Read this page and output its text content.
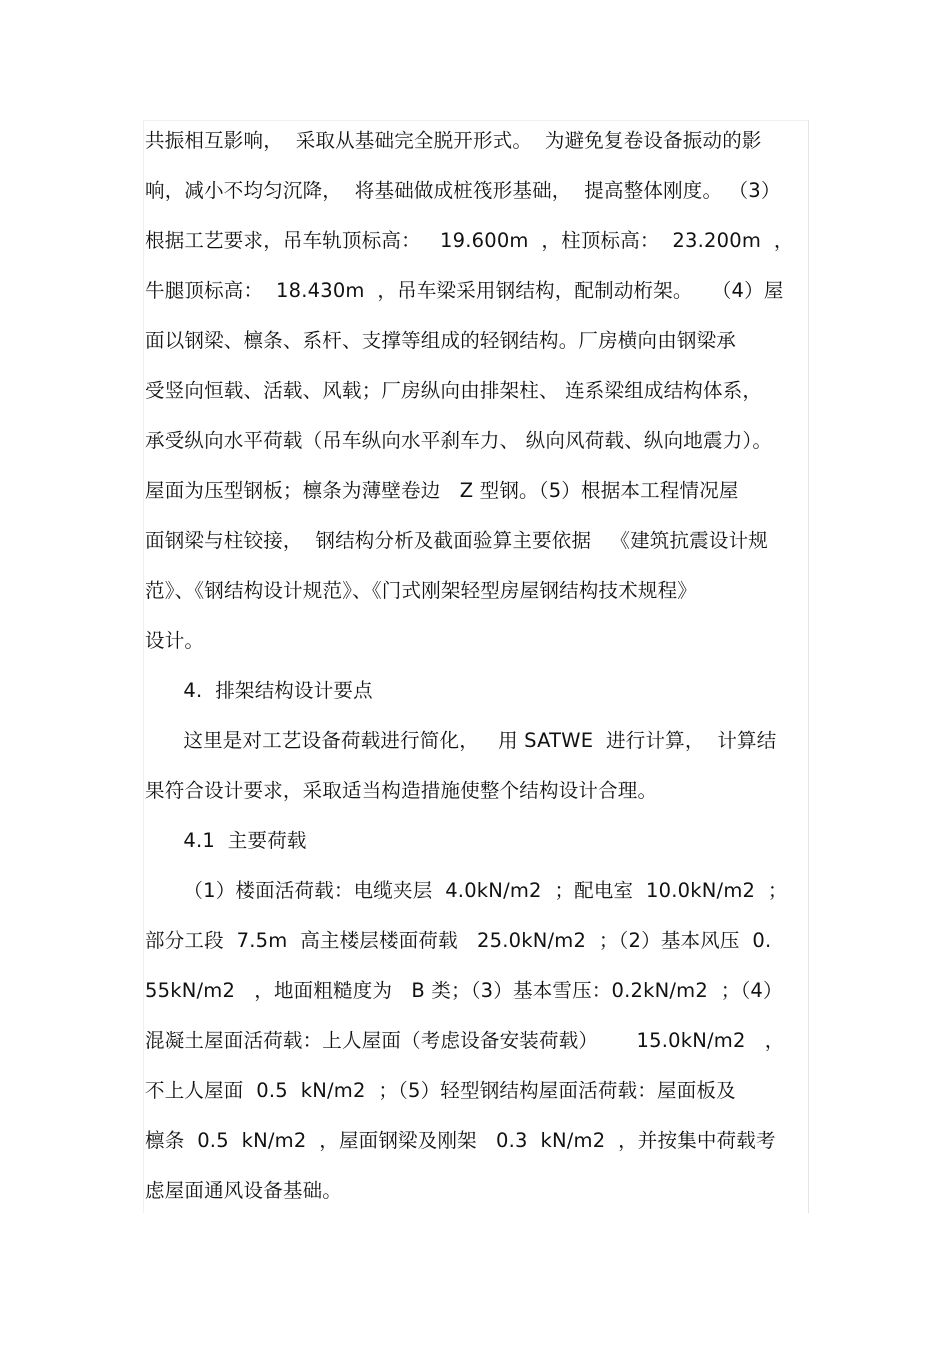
共振相互影响，  采取从基础完全脱开形式。  为避免复卷设备振动的影
响，减小不均匀沉降，  将基础做成桩筏形基础，  提高整体刚度。 （3）
根据工艺要求，吊车轨顶标高：   19.600m  ，柱顶标高：  23.200m  ，
牛腿顶标高：  18.430m  ，吊车梁采用钢结构，配制动桁架。   （4）屋
面以钢梁、檩条、系杆、支撑等组成的轻钢结构。厂房横向由钢梁承
受竖向恒载、活载、风载；厂房纵向由排架柱、 连系梁组成结构体系，
承受纵向水平荷载（吊车纵向水平刹车力、 纵向风荷载、纵向地震力）。
屋面为压型钢板；檩条为薄壁卷边   Z 型钢。（5）根据本工程情况屋
面钢梁与柱铰接，  钢结构分析及截面验算主要依据   《建筑抗震设计规
范》、《钢结构设计规范》、《门式刚架轻型房屋钢结构技术规程》
设计。
4.  排架结构设计要点
这里是对工艺设备荷载进行简化，   用 SATWE  进行计算，  计算结
果符合设计要求，采取适当构造措施使整个结构设计合理。
4.1  主要荷载
（1）楼面活荷载：电缆夹层  4.0kN/m2  ；配电室  10.0kN/m2  ；
部分工段  7.5m  高主楼层楼面荷载   25.0kN/m2  ；（2）基本风压  0.
55kN/m2   ，地面粗糙度为   B 类；（3）基本雪压：0.2kN/m2  ；（4）
混凝土屋面活荷载：上人屋面（考虑设备安装荷载）      15.0kN/m2   ，
不上人屋面  0.5  kN/m2  ；（5）轻型钢结构屋面活荷载：屋面板及
檩条  0.5  kN/m2  ，屋面钢梁及刚架   0.3  kN/m2  ，并按集中荷载考
虑屋面通风设备基础。
